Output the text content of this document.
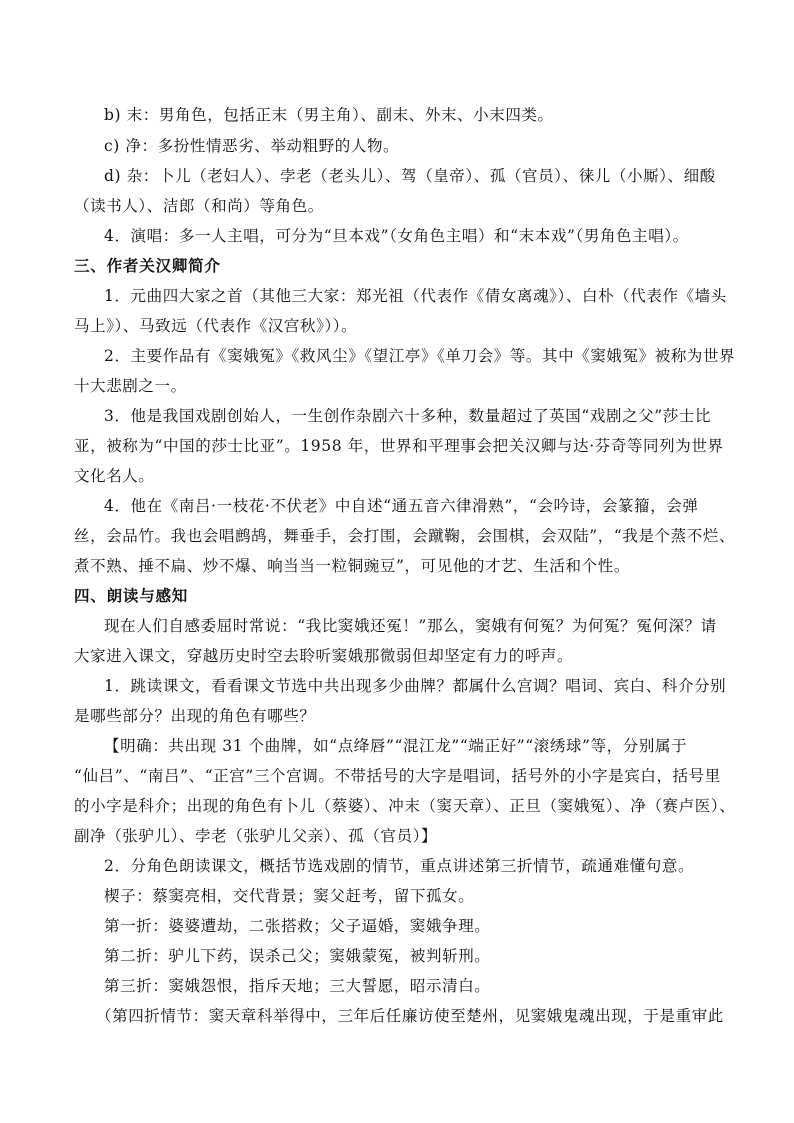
b) 末：男角色，包括正末（男主角）、副末、外末、小末四类。
c) 净：多扮性情恶劣、举动粗野的人物。
d) 杂：卜儿（老妇人）、孛老（老头儿）、驾（皇帝）、孤（官员）、徕儿（小厮）、细酸
（读书人）、洁郎（和尚）等角色。
4．演唱：多一人主唱，可分为“旦本戏”（女角色主唱）和“末本戏”（男角色主唱）。
三、作者关汉卿简介
1．元曲四大家之首（其他三大家：郑光祖（代表作《倩女离魂》）、白朴（代表作《墙头
马上》）、马致远（代表作《汉宫秋》））。
2．主要作品有《窦娥冤》《救风尘》《望江亭》《单刀会》等。其中《窦娥冤》被称为世界
十大悲剧之一。
3．他是我国戏剧创始人，一生创作杂剧六十多种，数量超过了英国“戏剧之父”莎士比
亚，被称为“中国的莎士比亚”。1958 年，世界和平理事会把关汉卿与达·芬奇等同列为世界
文化名人。
4．他在《南吕·一枝花·不伏老》中自述“通五音六律滑熟”，“会吟诗，会篆籀，会弹
丝，会品竹。我也会唱鹧鸪，舞垂手，会打围，会蹴鞠，会围棋，会双陆”，“我是个蒸不烂、
煮不熟、捶不扁、炒不爆、响当当一粒铜豌豆”，可见他的才艺、生活和个性。
四、朗读与感知
现在人们自感委屈时常说：“我比窦娥还冤！”那么，窦娥有何冤？为何冤？冤何深？请
大家进入课文，穿越历史时空去聆听窦娥那微弱但却坚定有力的呼声。
1．跳读课文，看看课文节选中共出现多少曲牌？都属什么宫调？唱词、宾白、科介分别
是哪些部分？出现的角色有哪些？
【明确：共出现 31 个曲牌，如“点绛唇”“混江龙”“端正好”“滚绣球”等，分别属于
“仙吕”、“南吕”、“正宫”三个宫调。不带括号的大字是唱词，括号外的小字是宾白，括号里
的小字是科介；出现的角色有卜儿（蔡婆）、冲末（窦天章）、正旦（窦娥冤）、净（赛卢医）、
副净（张驴儿）、孛老（张驴儿父亲）、孤（官员）】
2．分角色朗读课文，概括节选戏剧的情节，重点讲述第三折情节，疏通难懂句意。
楔子：蔡窦亮相，交代背景；窦父赶考，留下孤女。
第一折：婆婆遭劫，二张搭救；父子逼婚，窦娥争理。
第二折：驴儿下药，误杀己父；窦娥蒙冤，被判斩刑。
第三折：窦娥怨恨，指斥天地；三大誓愿，昭示清白。
（第四折情节：窦天章科举得中，三年后任廉访使至楚州，见窦娥鬼魂出现，于是重审此
